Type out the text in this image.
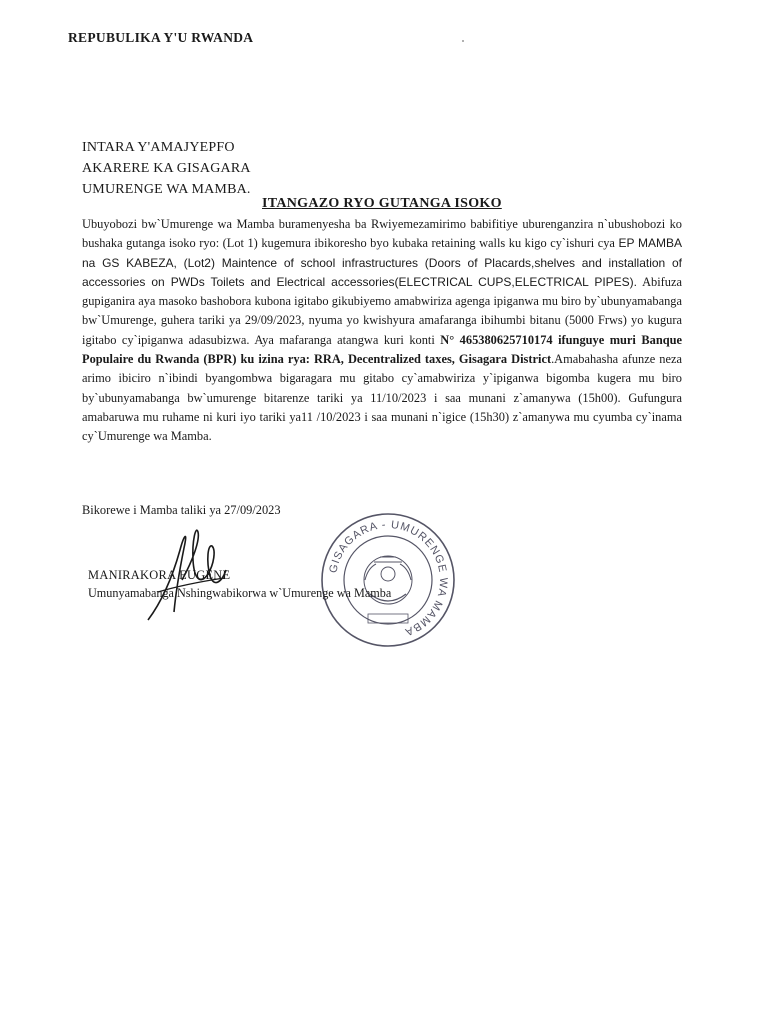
REPUBULIKA Y'U RWANDA
INTARA Y'AMAJYEPFO
AKARERE KA GISAGARA
UMURENGE WA MAMBA.
ITANGAZO RYO GUTANGA ISOKO
Ubuyobozi bw`Umurenge wa Mamba buramenyesha ba Rwiyemezamirimo babifitiye uburenganzira n`ubushobozi ko bushaka gutanga isoko ryo: (Lot 1) kugemura ibikoresho byo kubaka retaining walls ku kigo cy`ishuri cya EP MAMBA na GS KABEZA, (Lot2) Maintence of school infrastructures (Doors of Placards,shelves and installation of accessories on PWDs Toilets and Electrical accessories(ELECTRICAL CUPS,ELECTRICAL PIPES). Abifuza gupiganira aya masoko bashobora kubona igitabo gikubiyemo amabwiriza agenga ipiganwa mu biro by`ubunyamabanga bw`Umurenge, guhera tariki ya 29/09/2023, nyuma yo kwishyura amafaranga ibihumbi bitanu (5000 Frws) yo kugura igitabo cy`ipiganwa adasubizwa. Aya mafaranga atangwa kuri konti N° 465380625710174 ifunguye muri Banque Populaire du Rwanda (BPR) ku izina rya: RRA, Decentralized taxes, Gisagara District.Amabahasha afunze neza arimo ibiciro n`ibindi byangombwa bigaragara mu gitabo cy`amabwiriza y`ipiganwa bigomba kugera mu biro by`ubunyamabanga bw`umurenge bitarenze tariki ya 11/10/2023 i saa munani z`amanywa (15h00). Gufungura amabaruwa mu ruhame ni kuri iyo tariki ya11 /10/2023 i saa munani n`igice (15h30) z`amanywa mu cyumba cy`inama cy`Umurenge wa Mamba.
Bikorewe i Mamba taliki ya 27/09/2023
GISAGARA - UMURENGE WA MAMBA
MANIRAKORA EUGENE
Umunyamabanga Nshingwabikorwa w`Umurenge wa Mamba
